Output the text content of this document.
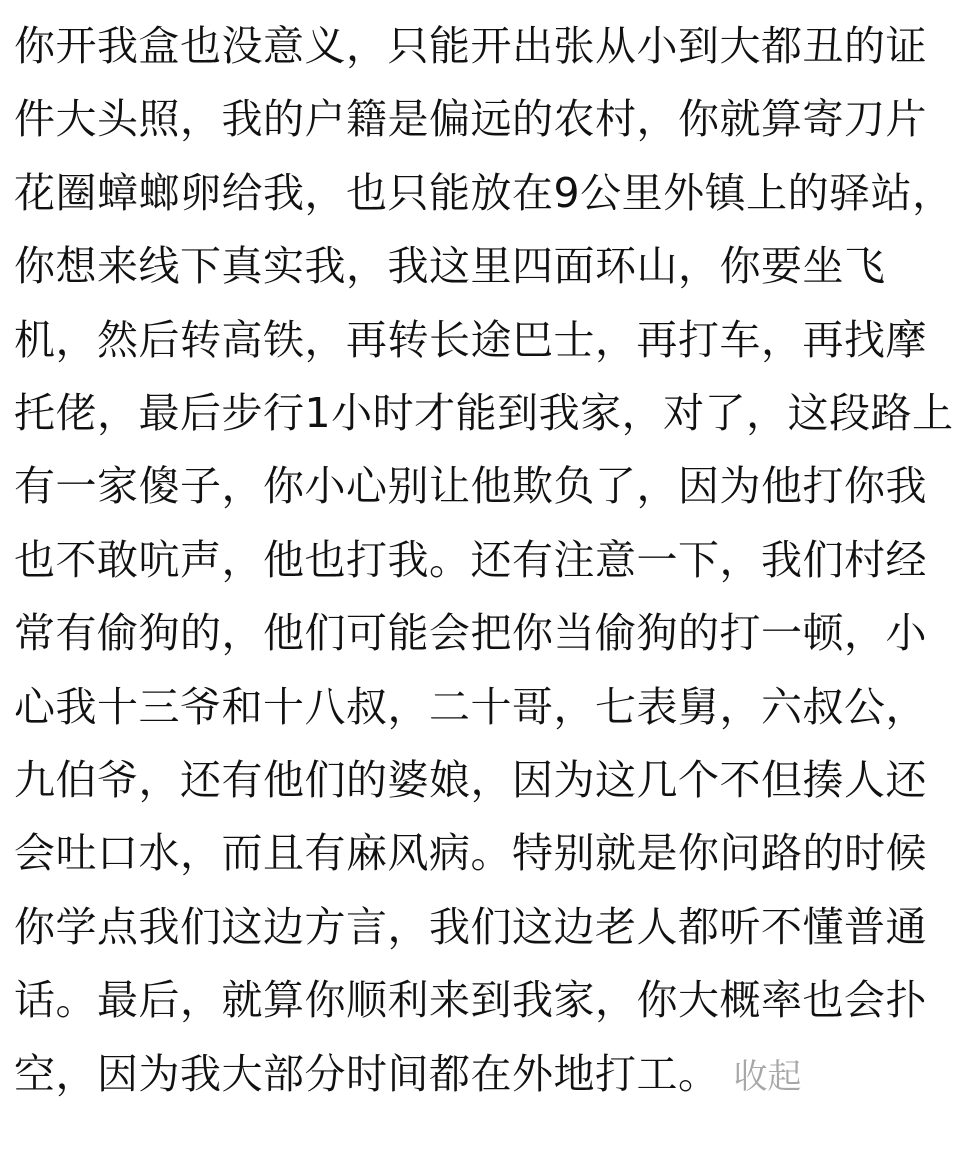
你开我盒也没意义，只能开出张从小到大都丑的证件大头照，我的户籍是偏远的农村，你就算寄刀片花圈蟑螂卵给我，也只能放在9公里外镇上的驿站，你想来线下真实我，我这里四面环山，你要坐飞机，然后转高铁，再转长途巴士，再打车，再找摩托佬，最后步行1小时才能到我家，对了，这段路上有一家傻子，你小心别让他欺负了，因为他打你我也不敢吭声，他也打我。还有注意一下，我们村经常有偷狗的，他们可能会把你当偷狗的打一顿，小心我十三爷和十八叔，二十哥，七表舅，六叔公，九伯爷，还有他们的婆娘，因为这几个不但揍人还会吐口水，而且有麻风病。特别就是你问路的时候你学点我们这边方言，我们这边老人都听不懂普通话。最后，就算你顺利来到我家，你大概率也会扑空，因为我大部分时间都在外地打工。 收起
